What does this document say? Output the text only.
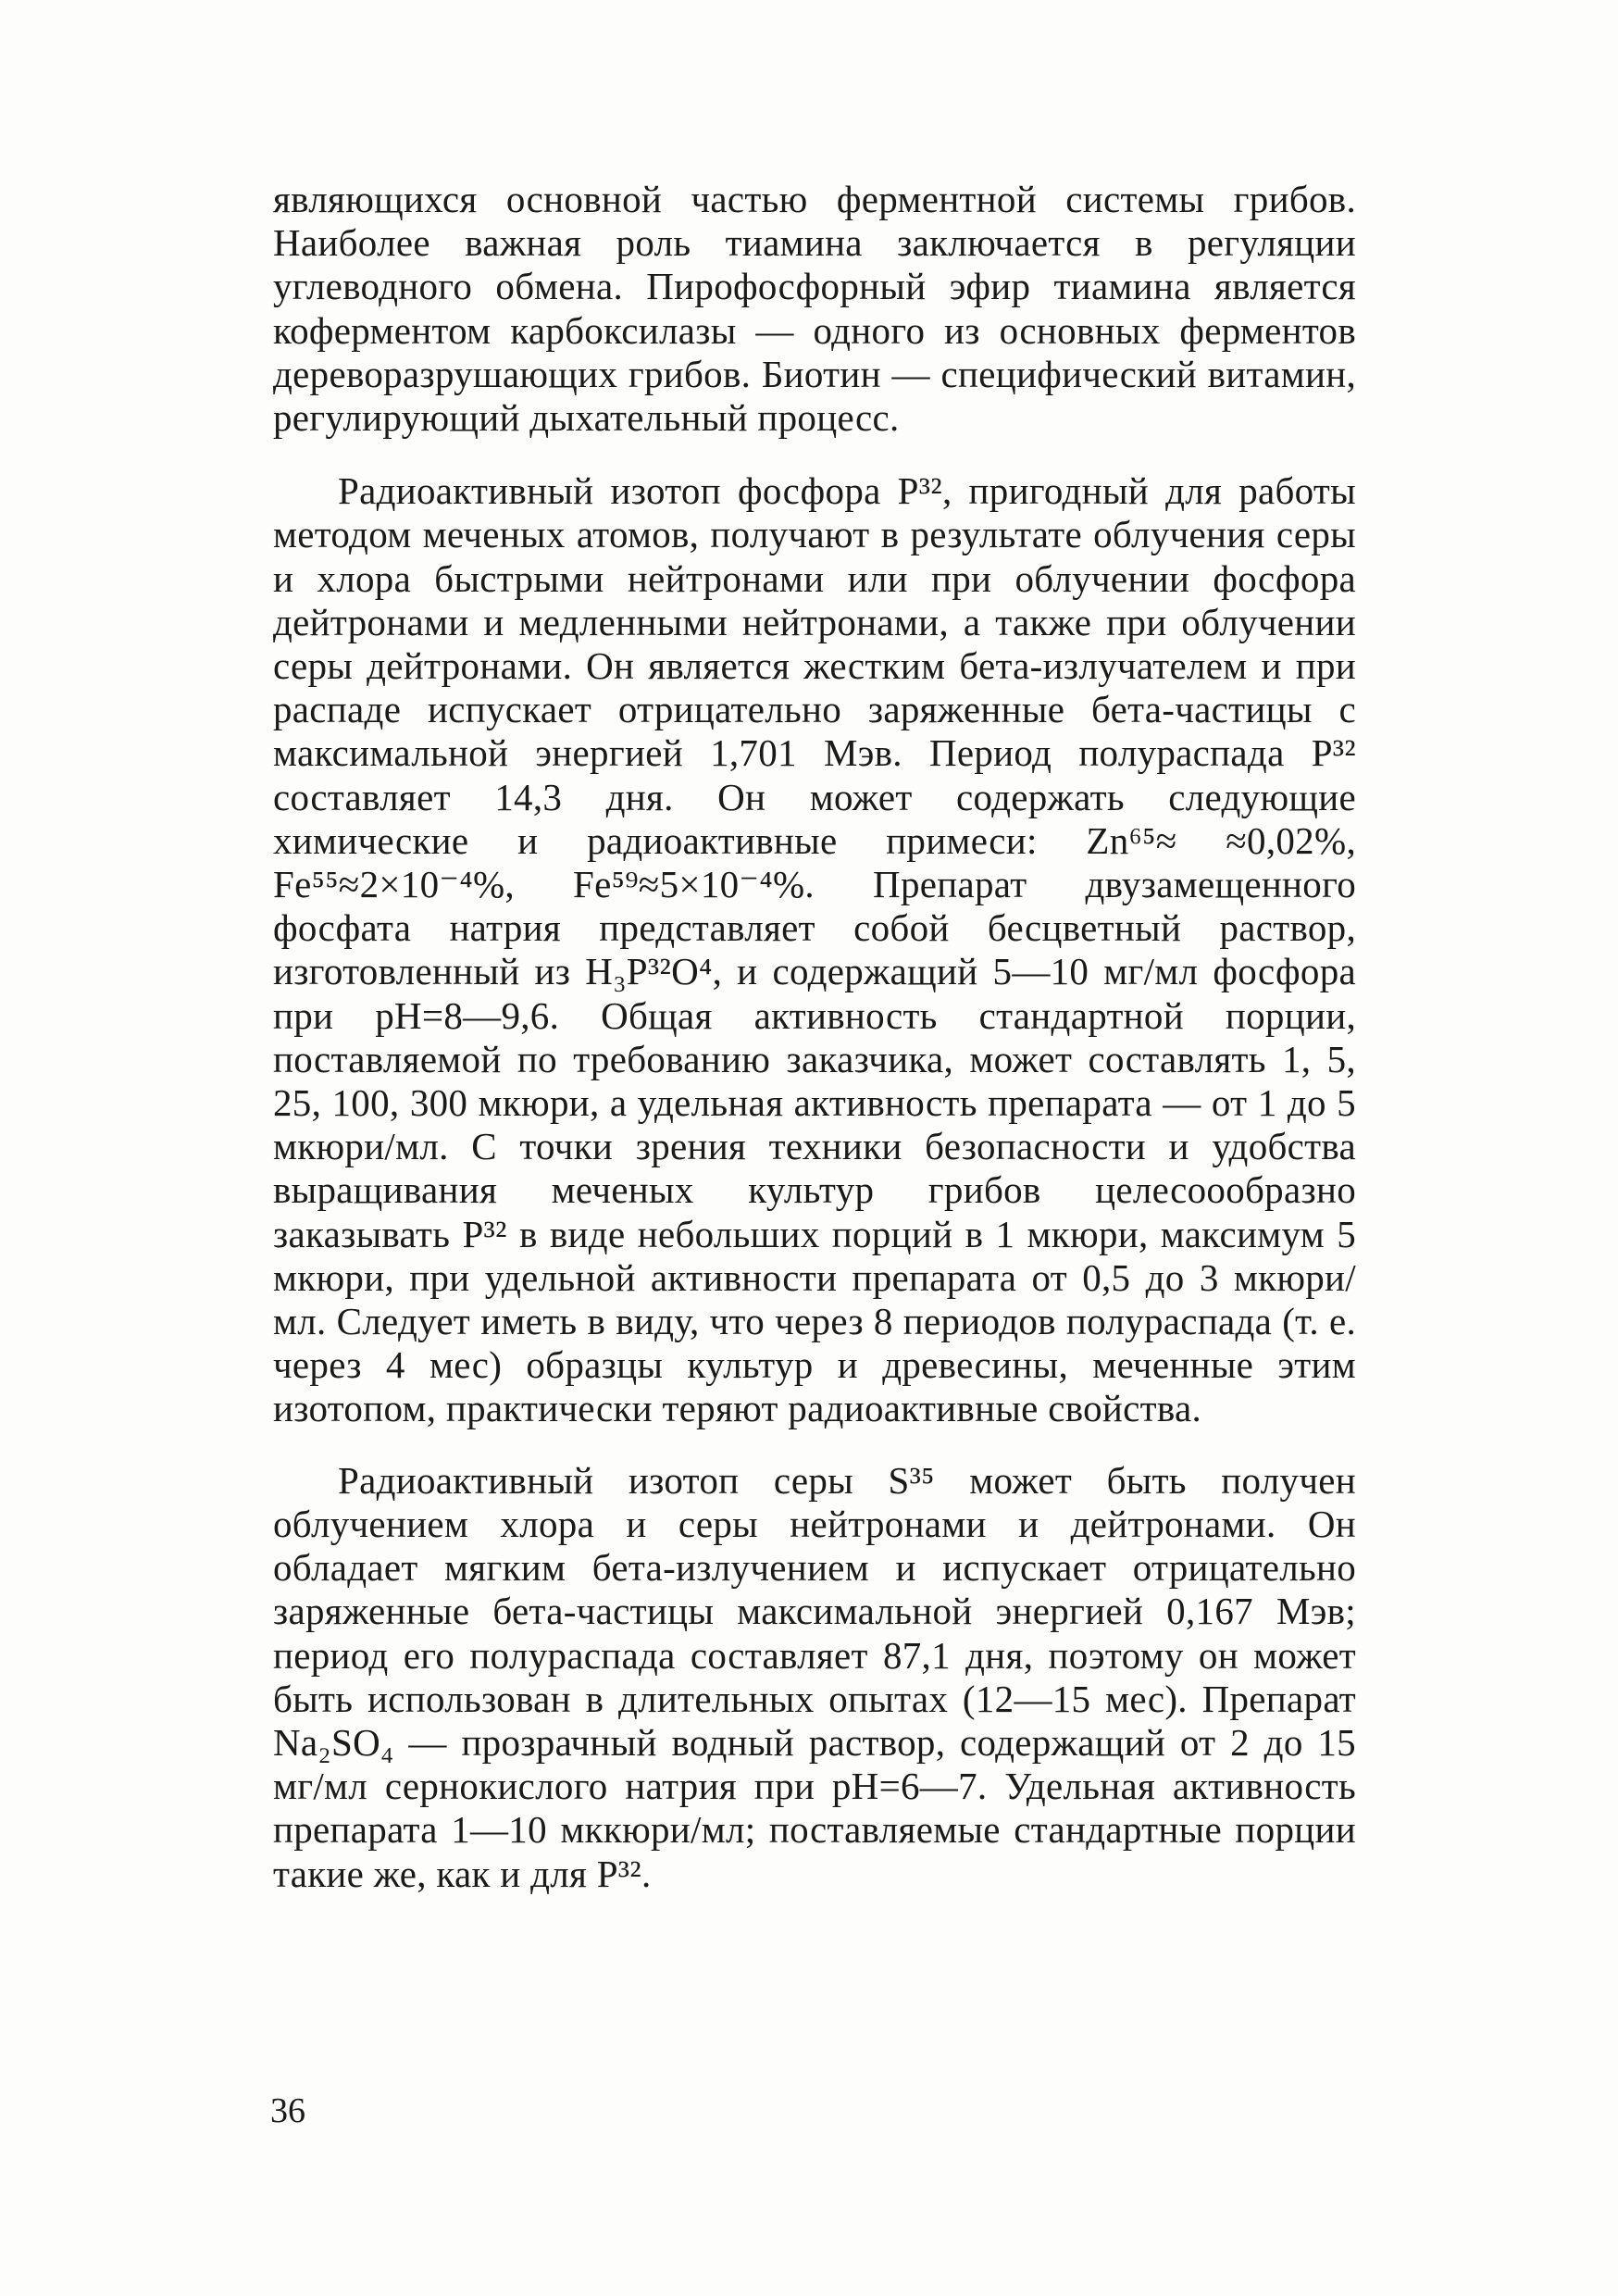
являющихся основной частью ферментной системы грибов. Наиболее важная роль тиамина заключается в регуляции углеводного обмена. Пирофосфорный эфир тиамина является коферментом карбоксилазы — одного из основных ферментов дереворазрушающих грибов. Биотин — специфический витамин, регулирующий дыхательный процесс.

Радиоактивный изотоп фосфора P³², пригодный для работы методом меченых атомов, получают в результате облучения серы и хлора быстрыми нейтронами или при облучении фосфора дейтронами и медленными нейтронами, а также при облучении серы дейтронами. Он является жестким бета-излучателем и при распаде испускает отрицательно заряженные бета-частицы с максимальной энергией 1,701 Мэв. Период полураспада P³² составляет 14,3 дня. Он может содержать следующие химические и радиоактивные примеси: Zn⁶⁵≈ ≈0,02%, Fe⁵⁵≈2×10⁻⁴%, Fe⁵⁹≈5×10⁻⁴%. Препарат двузамещенного фосфата натрия представляет собой бесцветный раствор, изготовленный из H₃P³²O⁴, и содержащий 5—10 мг/мл фосфора при pH=8—9,6. Общая активность стандартной порции, поставляемой по требованию заказчика, может составлять 1, 5, 25, 100, 300 мкюри, а удельная активность препарата — от 1 до 5 мкюри/мл. С точки зрения техники безопасности и удобства выращивания меченых культур грибов целесоообразно заказывать P³² в виде небольших порций в 1 мкюри, максимум 5 мкюри, при удельной активности препарата от 0,5 до 3 мкюри/мл. Следует иметь в виду, что через 8 периодов полураспада (т. е. через 4 мес) образцы культур и древесины, меченные этим изотопом, практически теряют радиоактивные свойства.

Радиоактивный изотоп серы S³⁵ может быть получен облучением хлора и серы нейтронами и дейтронами. Он обладает мягким бета-излучением и испускает отрицательно заряженные бета-частицы максимальной энергией 0,167 Мэв; период его полураспада составляет 87,1 дня, поэтому он может быть использован в длительных опытах (12—15 мес). Препарат Na₂SO₄ — прозрачный водный раствор, содержащий от 2 до 15 мг/мл сернокислого натрия при pH=6—7. Удельная активность препарата 1—10 мккюри/мл; поставляемые стандартные порции такие же, как и для P³².

36
